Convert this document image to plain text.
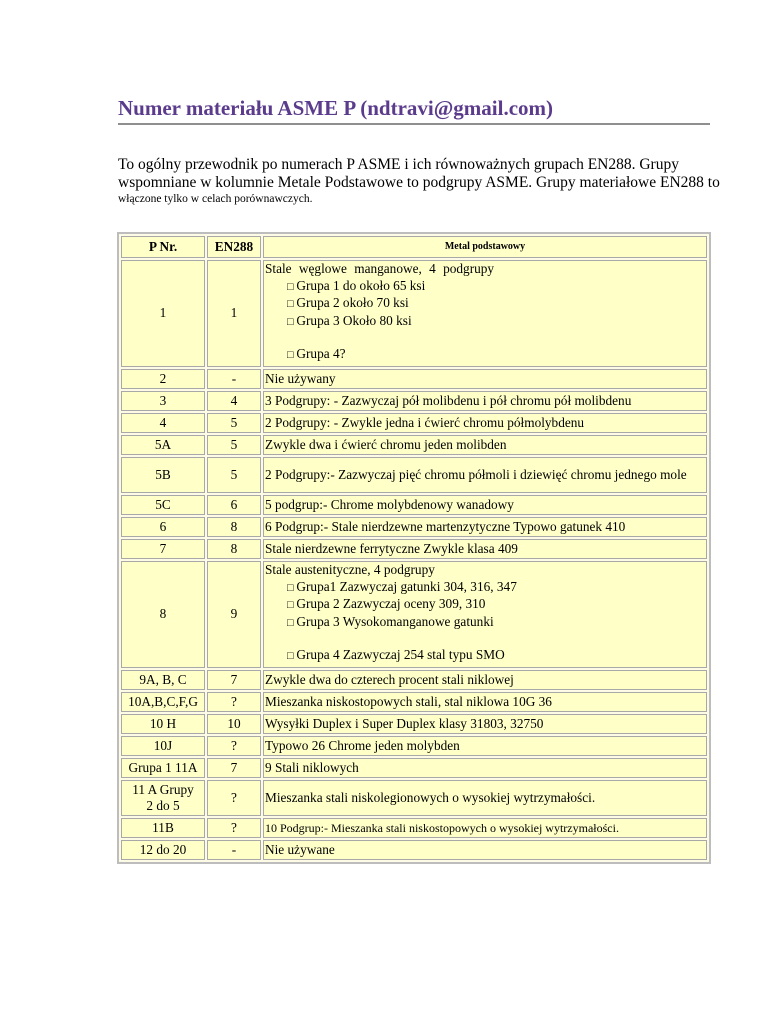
Numer materiału ASME P (ndtravi@gmail.com)
To ogólny przewodnik po numerach P ASME i ich równoważnych grupach EN288. Grupy
wspomniane w kolumnie Metale Podstawowe to podgrupy ASME. Grupy materiałowe EN288 to
włączone tylko w celach porównawczych.
P Nr.	EN288	Metal podstawowy
1	1	Stale węglowe manganowe, 4 podgrupy
□ Grupa 1 do około 65 ksi
□ Grupa 2 około 70 ksi
□ Grupa 3 Około 80 ksi
□ Grupa 4?

2	-	Nie używany
3	4	3 Podgrupy: - Zazwyczaj pół molibdenu i pół chromu pół molibdenu
4	5	2 Podgrupy: - Zwykle jedna i ćwierć chromu półmolybdenu
5A	5	Zwykle dwa i ćwierć chromu jeden molibden
5B	5	2 Podgrupy:- Zazwyczaj pięć chromu półmoli i dziewięć chromu jednego mole
5C	6	5 podgrup:- Chrome molybdenowy wanadowy
6	8	6 Podgrup:- Stale nierdzewne martenzytyczne Typowo gatunek 410
7	8	Stale nierdzewne ferrytyczne Zwykle klasa 409
8	9	Stale austenityczne, 4 podgrupy
□ Grupa1 Zazwyczaj gatunki 304, 316, 347
□ Grupa 2 Zazwyczaj oceny 309, 310
□ Grupa 3 Wysokomanganowe gatunki
□ Grupa 4 Zazwyczaj 254 stal typu SMO

9A, B, C	7	Zwykle dwa do czterech procent stali niklowej
10A,B,C,F,G	?	Mieszanka niskostopowych stali, stal niklowa 10G 36
10 H	10	Wysyłki Duplex i Super Duplex klasy 31803, 32750
10J	?	Typowo 26 Chrome jeden molybden
Grupa 1 11A	7	9 Stali niklowych
11 A Grupy
2 do 5	?	Mieszanka stali niskolegionowych o wysokiej wytrzymałości.
11B	?	10 Podgrup:- Mieszanka stali niskostopowych o wysokiej wytrzymałości.
12 do 20	-	Nie używane
